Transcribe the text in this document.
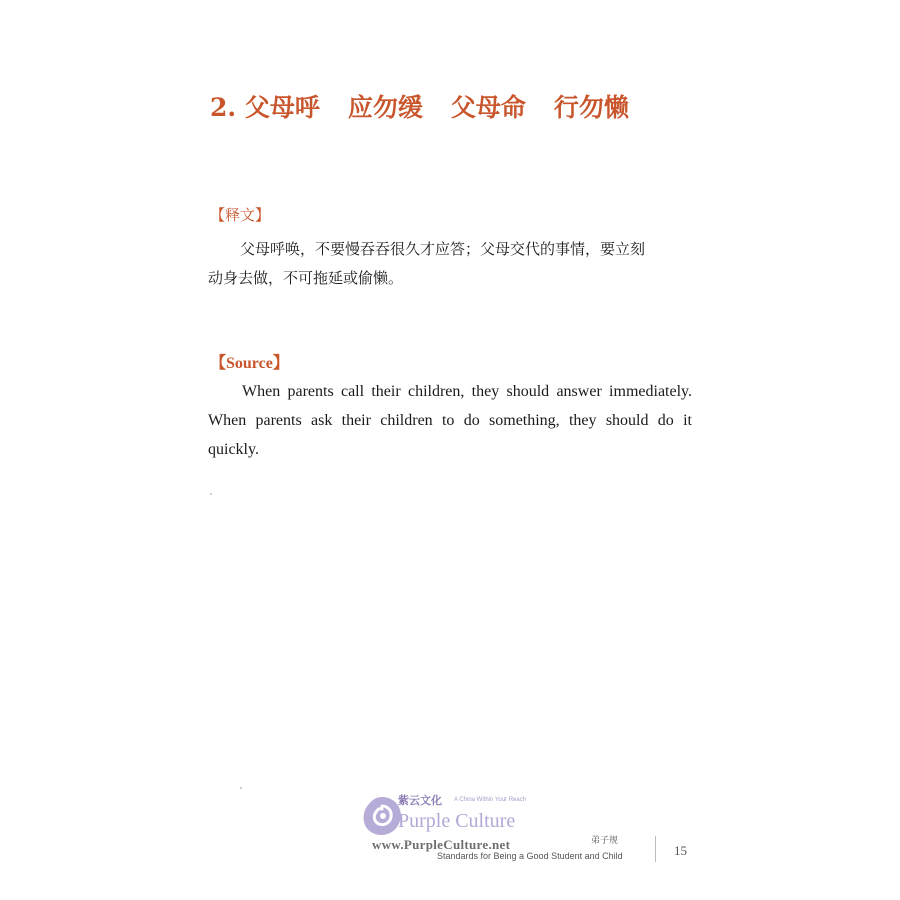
2. 父母呼 应勿缓 父母命 行勿懒
【释文】
父母呼唤，不要慢吞吞很久才应答；父母交代的事情，要立刻
动身去做，不可拖延或偷懒。
【Source】
When parents call their children, they should answer immediately.
When parents ask their children to do something, they should do it
quickly.
紫云文化 A China Within Your Reach
Purple Culture
www.PurpleCulture.net	弟子规
Standards for Being a Good Student and Child	15
